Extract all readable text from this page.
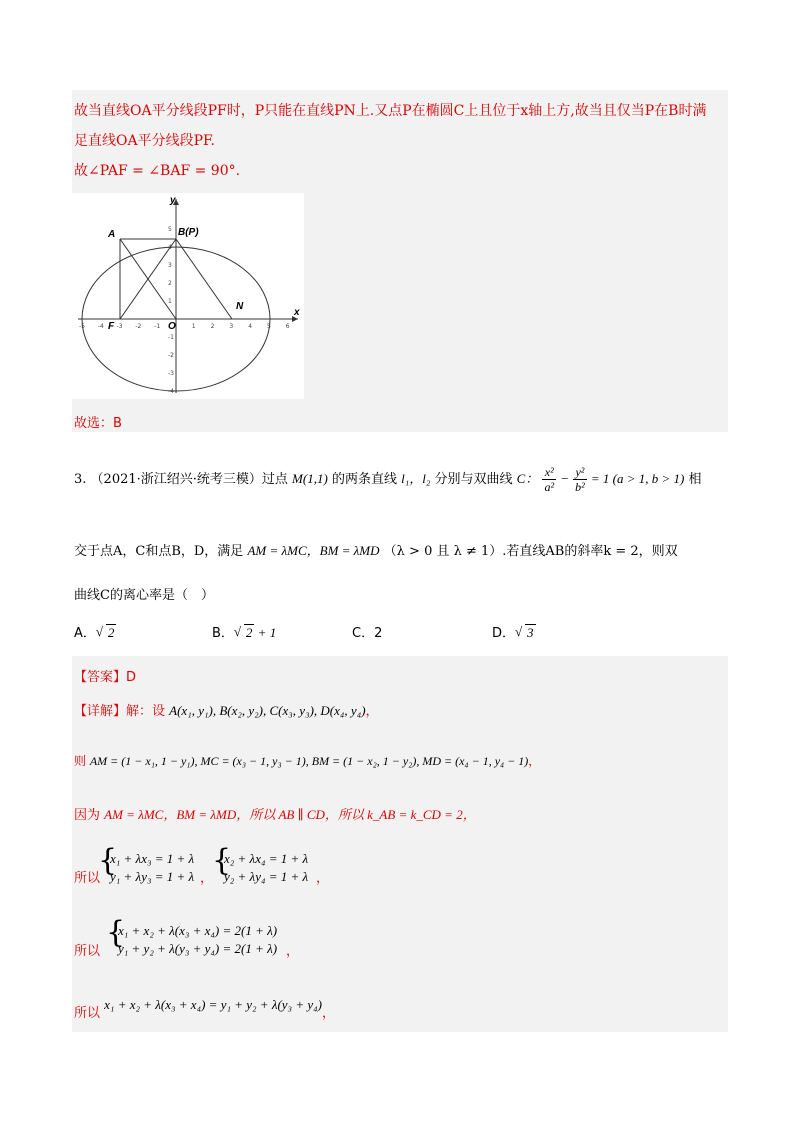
故当直线OA平分线段PF时，P只能在直线PN上.又点P在椭圆C上且位于x轴上方,故当且仅当P在B时满
足直线OA平分线段PF.
故∠PAF = ∠BAF = 90°.
A	B(P)
F	O
N
x
y
-5 -4 -3 -2 -1	1 2 3 4 5 6
5
4
3
2
1
-1
-2
-3
-4
故选：B
3. （2021·浙江绍兴·统考三模）过点 M(1,1) 的两条直线 l₁，l₂ 分别与双曲线 C： $\frac{\text{x²}}{\text{a²}} - \frac{\text{y²}}{\text{b²}} = 1$ (a > 1, b > 1) 相
交于点A，C和点B，D，满足 AM = λMC，BM = λMD （λ > 0 且 λ ≠ 1）.若直线AB的斜率k = 2，则双
曲线C的离心率是（　）
A． √ 2	B． √ 2 + 1	C．2	D． √ 3
【答案】D
【详解】解：设 A(x₁, y₁), B(x₂, y₂), C(x₃, y₃), D(x₄, y₄)，
则 AM = (1 − x₁, 1 − y₁), MC = (x₃ − 1, y₃ − 1), BM = (1 − x₂, 1 − y₂), MD = (x₄ − 1, y₄ − 1)，
因为 AM = λMC，BM = λMD，所以 AB ∥ CD，所以 k_AB = k_CD = 2，
所以
{
x₁ + λx₃ = 1 + λ
y₁ + λy₃ = 1 + λ ，
{
x₂ + λx₄ = 1 + λ
y₂ + λy₄ = 1 + λ ，
所以
{
x₁ + x₂ + λ(x₃ + x₄) = 2(1 + λ)
y₁ + y₂ + λ(y₃ + y₄) = 2(1 + λ) ，
所以 x₁ + x₂ + λ(x₃ + x₄) = y₁ + y₂ + λ(y₃ + y₄)，
